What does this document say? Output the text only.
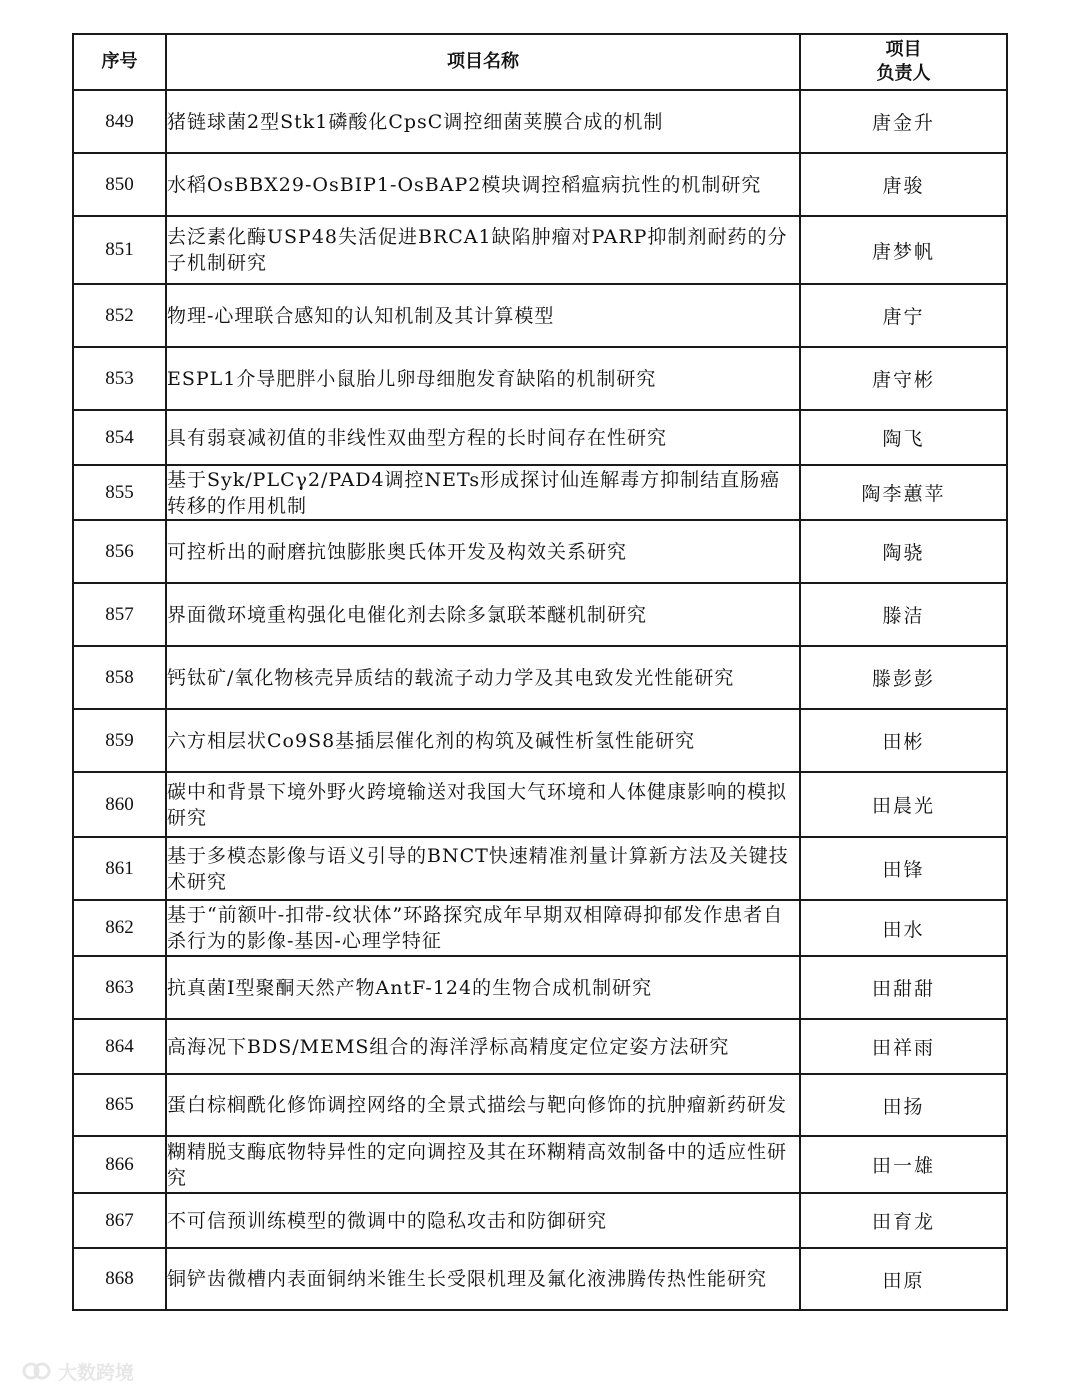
序号	项目名称	项目
负责人

849	猪链球菌2型Stk1磷酸化CpsC调控细菌荚膜合成的机制	唐金升
850	水稻OsBBX29-OsBIP1-OsBAP2模块调控稻瘟病抗性的机制研究	唐骏
851	去泛素化酶USP48失活促进BRCA1缺陷肿瘤对PARP抑制剂耐药的分子机制研究	唐梦帆
852	物理-心理联合感知的认知机制及其计算模型	唐宁
853	ESPL1介导肥胖小鼠胎儿卵母细胞发育缺陷的机制研究	唐守彬
854	具有弱衰减初值的非线性双曲型方程的长时间存在性研究	陶飞
855	基于Syk/PLCγ2/PAD4调控NETs形成探讨仙连解毒方抑制结直肠癌转移的作用机制	陶李蕙苹
856	可控析出的耐磨抗蚀膨胀奥氏体开发及构效关系研究	陶骁
857	界面微环境重构强化电催化剂去除多氯联苯醚机制研究	滕洁
858	钙钛矿/氧化物核壳异质结的载流子动力学及其电致发光性能研究	滕彭彭
859	六方相层状Co9S8基插层催化剂的构筑及碱性析氢性能研究	田彬
860	碳中和背景下境外野火跨境输送对我国大气环境和人体健康影响的模拟研究	田晨光
861	基于多模态影像与语义引导的BNCT快速精准剂量计算新方法及关键技术研究	田锋
862	基于“前额叶-扣带-纹状体”环路探究成年早期双相障碍抑郁发作患者自杀行为的影像-基因-心理学特征	田水
863	抗真菌Ⅰ型聚酮天然产物AntF-124的生物合成机制研究	田甜甜
864	高海况下BDS/MEMS组合的海洋浮标高精度定位定姿方法研究	田祥雨
865	蛋白棕榈酰化修饰调控网络的全景式描绘与靶向修饰的抗肿瘤新药研发	田扬
866	糊精脱支酶底物特异性的定向调控及其在环糊精高效制备中的适应性研究	田一雄
867	不可信预训练模型的微调中的隐私攻击和防御研究	田育龙
868	铜铲齿微槽内表面铜纳米锥生长受限机理及氟化液沸腾传热性能研究	田原
大数跨境
